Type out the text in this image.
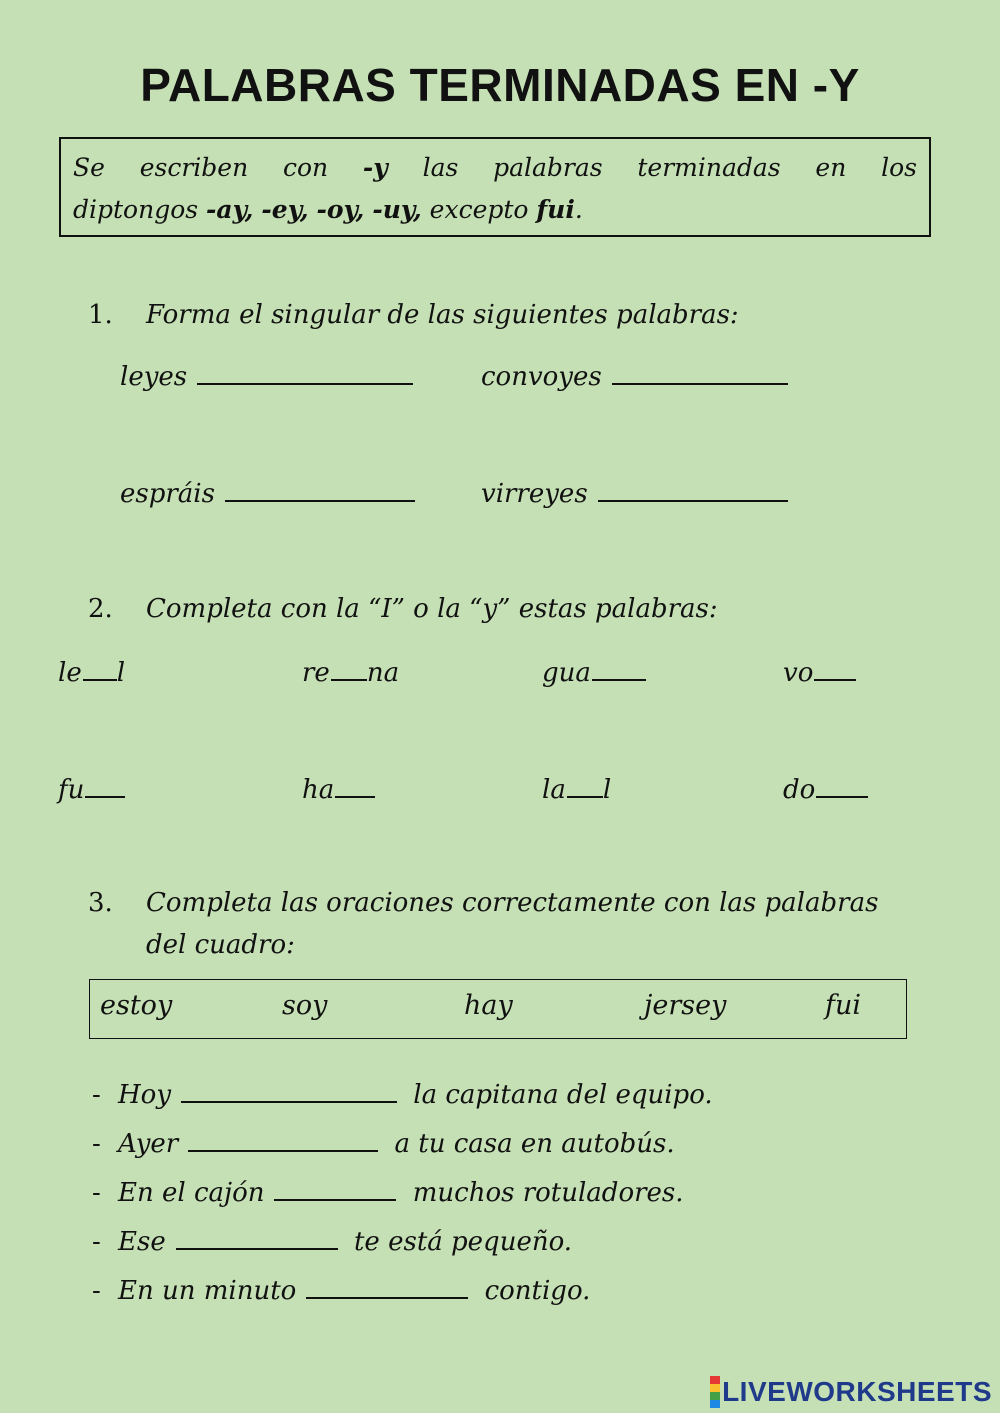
PALABRAS TERMINADAS EN -Y
Se escriben con -y las palabras terminadas en los
diptongos -ay, -ey, -oy, -uy, excepto fui.
1. Forma el singular de las siguientes palabras:
leyes	convoyes
espráis	virreyes
2. Completa con la “I” o la “y” estas palabras:
le l	re na	gua	vo
fu	ha	la l	do
3. Completa las oraciones correctamente con las palabras
del cuadro:
estoy	soy	hay	jersey	fui
- Hoy	la capitana del equipo.
- Ayer	a tu casa en autobús.
- En el cajón	muchos rotuladores.
- Ese	te está pequeño.
- En un minuto	contigo.
LIVEWORKSHEETS
